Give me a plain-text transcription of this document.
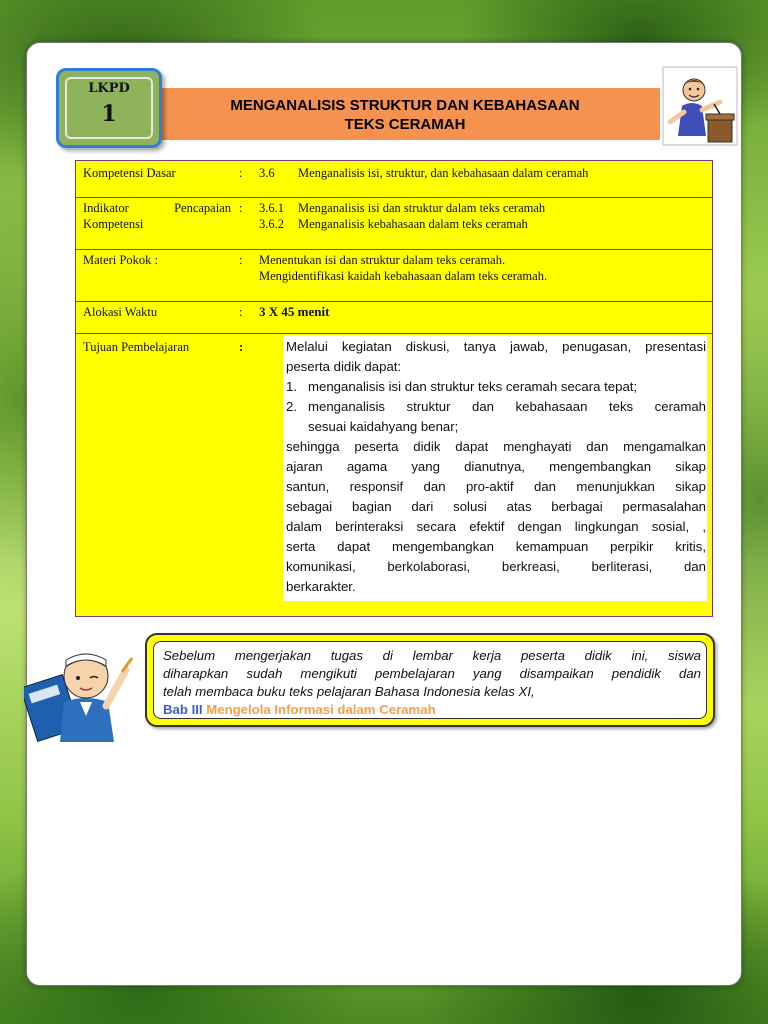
LKPD
1	MENGANALISIS STRUKTUR DAN KEBAHASAAN
TEKS CERAMAH
Kompetensi Dasar	: 3.6 Menganalisis isi, struktur, dan kebahasaan dalam ceramah
Indikator Pencapaian
Kompetensi
: 3.6.1 Menganalisis isi dan struktur dalam teks ceramah
3.6.2 Menganalisis kebahasaan dalam teks ceramah
Materi Pokok :	: Menentukan isi dan struktur dalam teks ceramah.
Mengidentifikasi kaidah kebahasaan dalam teks ceramah.
Alokasi Waktu	: 3 X 45 menit
Tujuan Pembelajaran	:	Melalui kegiatan diskusi, tanya jawab, penugasan, presentasi
peserta didik dapat:
1. menganalisis isi dan struktur teks ceramah secara tepat;
2. menganalisis struktur dan kebahasaan teks ceramah
sesuai kaidahyang benar;
sehingga peserta didik dapat menghayati dan mengamalkan
ajaran agama yang dianutnya, mengembangkan sikap
santun, responsif dan pro-aktif dan menunjukkan sikap
sebagai bagian dari solusi atas berbagai permasalahan
dalam berinteraksi secara efektif dengan lingkungan sosial, ,
serta dapat mengembangkan kemampuan perpikir kritis,
komunikasi, berkolaborasi, berkreasi, berliterasi, dan
berkarakter.
Sebelum mengerjakan tugas di lembar kerja peserta didik ini, siswa
diharapkan sudah mengikuti pembelajaran yang disampaikan pendidik dan
telah membaca buku teks pelajaran Bahasa Indonesia kelas XI,
Bab III Mengelola Informasi dalam Ceramah
